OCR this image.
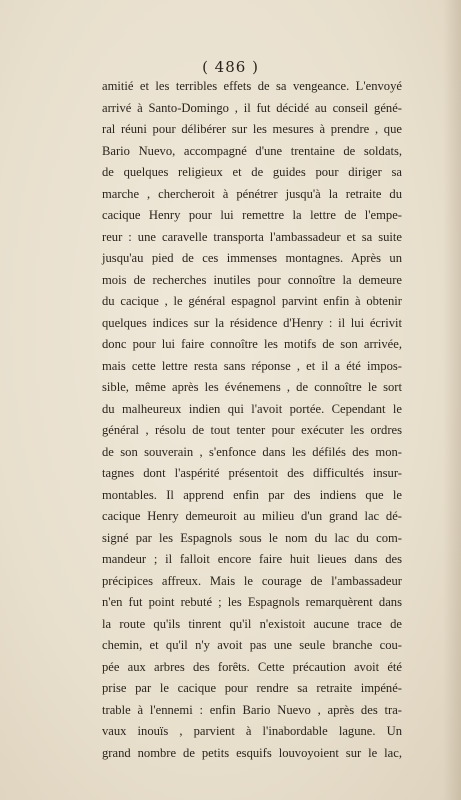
( 486 )
amitié et les terribles effets de sa vengeance. L'envoyé
arrivé à Santo-Domingo , il fut décidé au conseil géné-
ral réuni pour délibérer sur les mesures à prendre , que
Bario Nuevo, accompagné d'une trentaine de soldats,
de quelques religieux et de guides pour diriger sa
marche , chercheroit à pénétrer jusqu'à la retraite du
cacique Henry pour lui remettre la lettre de l'empe-
reur : une caravelle transporta l'ambassadeur et sa suite
jusqu'au pied de ces immenses montagnes. Après un
mois de recherches inutiles pour connoître la demeure
du cacique , le général espagnol parvint enfin à obtenir
quelques indices sur la résidence d'Henry : il lui écrivit
donc pour lui faire connoître les motifs de son arrivée,
mais cette lettre resta sans réponse , et il a été impos-
sible, même après les événemens , de connoître le sort
du malheureux indien qui l'avoit portée. Cependant le
général , résolu de tout tenter pour exécuter les ordres
de son souverain , s'enfonce dans les défilés des mon-
tagnes dont l'aspérité présentoit des difficultés insur-
montables. Il apprend enfin par des indiens que le
cacique Henry demeuroit au milieu d'un grand lac dé-
signé par les Espagnols sous le nom du lac du com-
mandeur ; il falloit encore faire huit lieues dans des
précipices affreux. Mais le courage de l'ambassadeur
n'en fut point rebuté ; les Espagnols remarquèrent dans
la route qu'ils tinrent qu'il n'existoit aucune trace de
chemin, et qu'il n'y avoit pas une seule branche cou-
pée aux arbres des forêts. Cette précaution avoit été
prise par le cacique pour rendre sa retraite impéné-
trable à l'ennemi : enfin Bario Nuevo , après des tra-
vaux inouïs , parvient à l'inabordable lagune. Un
grand nombre de petits esquifs louvoyoient sur le lac,
